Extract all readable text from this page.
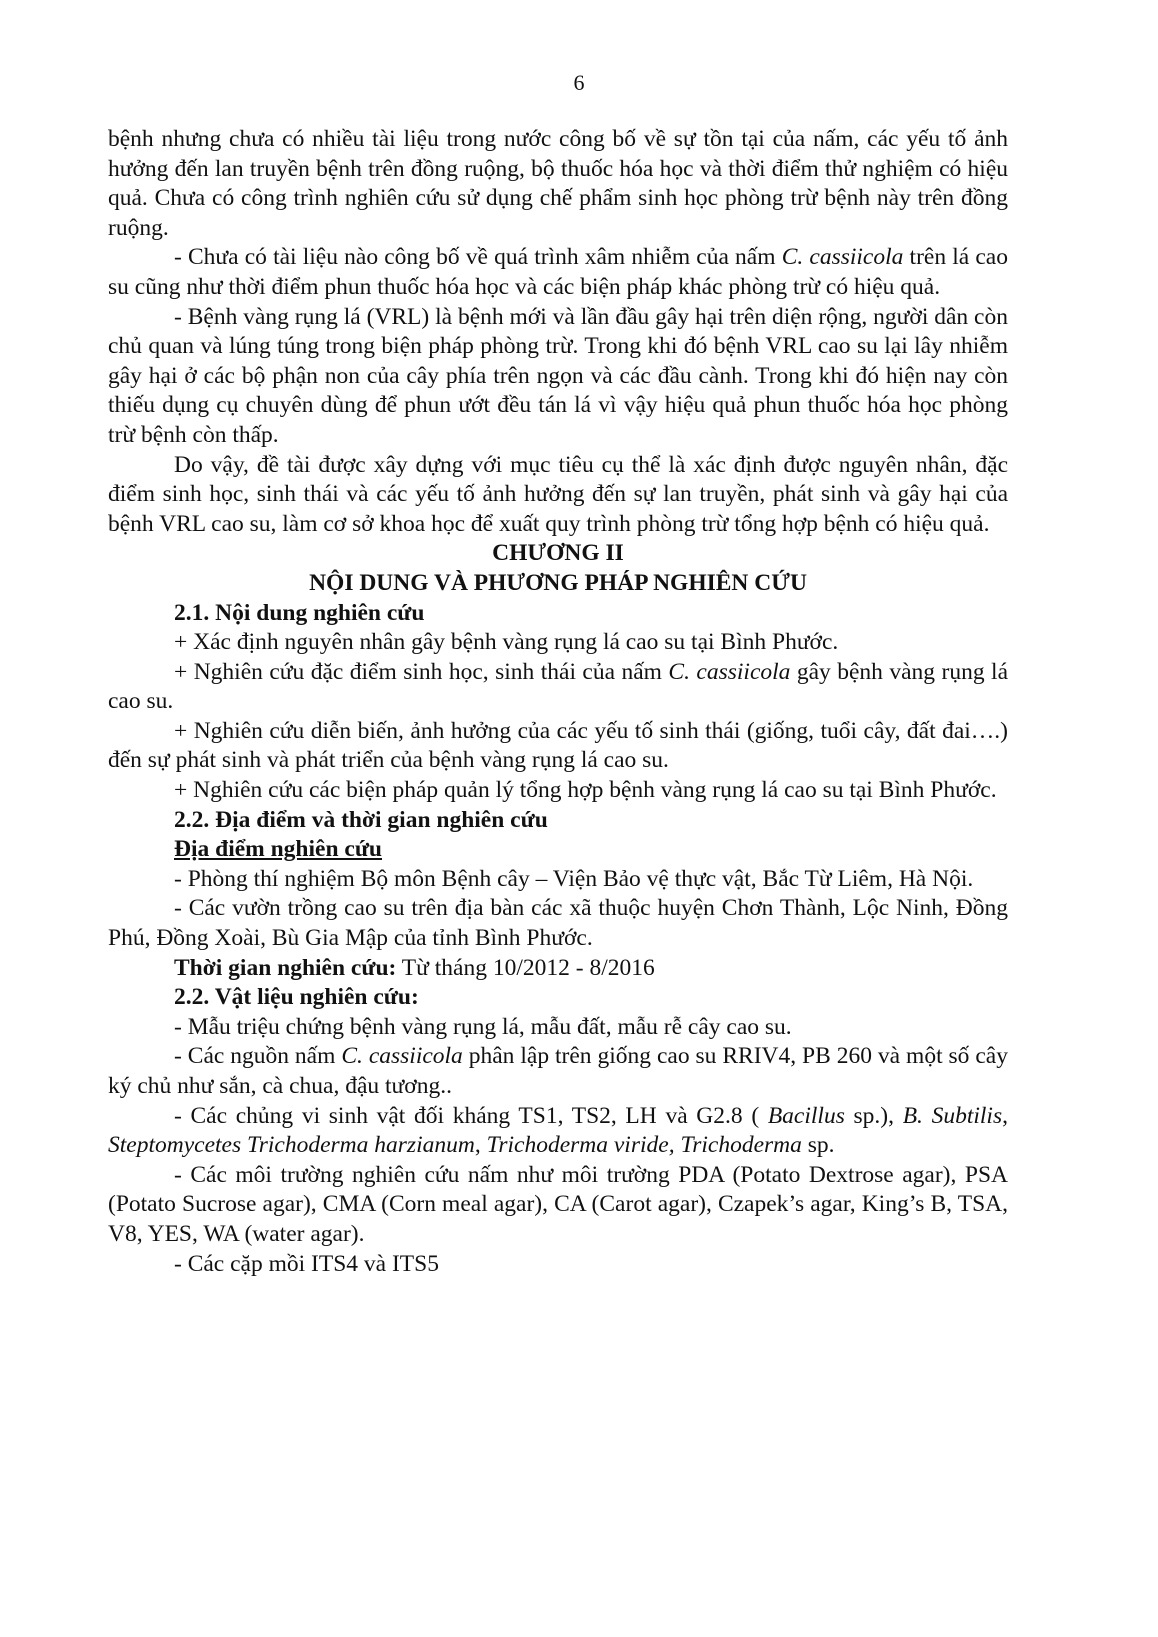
6

bệnh nhưng chưa có nhiều tài liệu trong nước công bố về sự tồn tại của nấm, các yếu tố ảnh hưởng đến lan truyền bệnh trên đồng ruộng, bộ thuốc hóa học và thời điểm thử nghiệm có hiệu quả. Chưa có công trình nghiên cứu sử dụng chế phẩm sinh học phòng trừ bệnh này trên đồng ruộng.

- Chưa có tài liệu nào công bố về quá trình xâm nhiễm của nấm C. cassiicola trên lá cao su cũng như thời điểm phun thuốc hóa học và các biện pháp khác phòng trừ có hiệu quả.

- Bệnh vàng rụng lá (VRL) là bệnh mới và lần đầu gây hại trên diện rộng, người dân còn chủ quan và lúng túng trong biện pháp phòng trừ. Trong khi đó bệnh VRL cao su lại lây nhiễm gây hại ở các bộ phận non của cây phía trên ngọn và các đầu cành. Trong khi đó hiện nay còn thiếu dụng cụ chuyên dùng để phun ướt đều tán lá vì vậy hiệu quả phun thuốc hóa học phòng trừ bệnh còn thấp.

Do vậy, đề tài được xây dựng với mục tiêu cụ thể là xác định được nguyên nhân, đặc điểm sinh học, sinh thái và các yếu tố ảnh hưởng đến sự lan truyền, phát sinh và gây hại của bệnh VRL cao su, làm cơ sở khoa học để xuất quy trình phòng trừ tổng hợp bệnh có hiệu quả.

CHƯƠNG II

NỘI DUNG VÀ PHƯƠNG PHÁP NGHIÊN CỨU

2.1. Nội dung nghiên cứu

+ Xác định nguyên nhân gây bệnh vàng rụng lá cao su tại Bình Phước.

+ Nghiên cứu đặc điểm sinh học, sinh thái của nấm C. cassiicola gây bệnh vàng rụng lá cao su.

+ Nghiên cứu diễn biến, ảnh hưởng của các yếu tố sinh thái (giống, tuổi cây, đất đai….) đến sự phát sinh và phát triển của bệnh vàng rụng lá cao su.

+ Nghiên cứu các biện pháp quản lý tổng hợp bệnh vàng rụng lá cao su tại Bình Phước.

2.2. Địa điểm và thời gian nghiên cứu

Địa điểm nghiên cứu

- Phòng thí nghiệm Bộ môn Bệnh cây – Viện Bảo vệ thực vật, Bắc Từ Liêm, Hà Nội.

- Các vườn trồng cao su trên địa bàn các xã thuộc huyện Chơn Thành, Lộc Ninh, Đồng Phú, Đồng Xoài, Bù Gia Mập của tỉnh Bình Phước.

Thời gian nghiên cứu: Từ tháng 10/2012 - 8/2016

2.2. Vật liệu nghiên cứu:

- Mẫu triệu chứng bệnh vàng rụng lá, mẫu đất, mẫu rễ cây cao su.

- Các nguồn nấm C. cassiicola phân lập trên giống cao su RRIV4, PB 260 và một số cây ký chủ như sắn, cà chua, đậu tương..

- Các chủng vi sinh vật đối kháng TS1, TS2, LH và G2.8 ( Bacillus sp.), B. Subtilis, Steptomycetes Trichoderma harzianum, Trichoderma viride, Trichoderma sp.

- Các môi trường nghiên cứu nấm như môi trường PDA (Potato Dextrose agar), PSA (Potato Sucrose agar), CMA (Corn meal agar), CA (Carot agar), Czapek’s agar, King’s B, TSA, V8, YES, WA (water agar).

- Các cặp mồi ITS4 và ITS5
